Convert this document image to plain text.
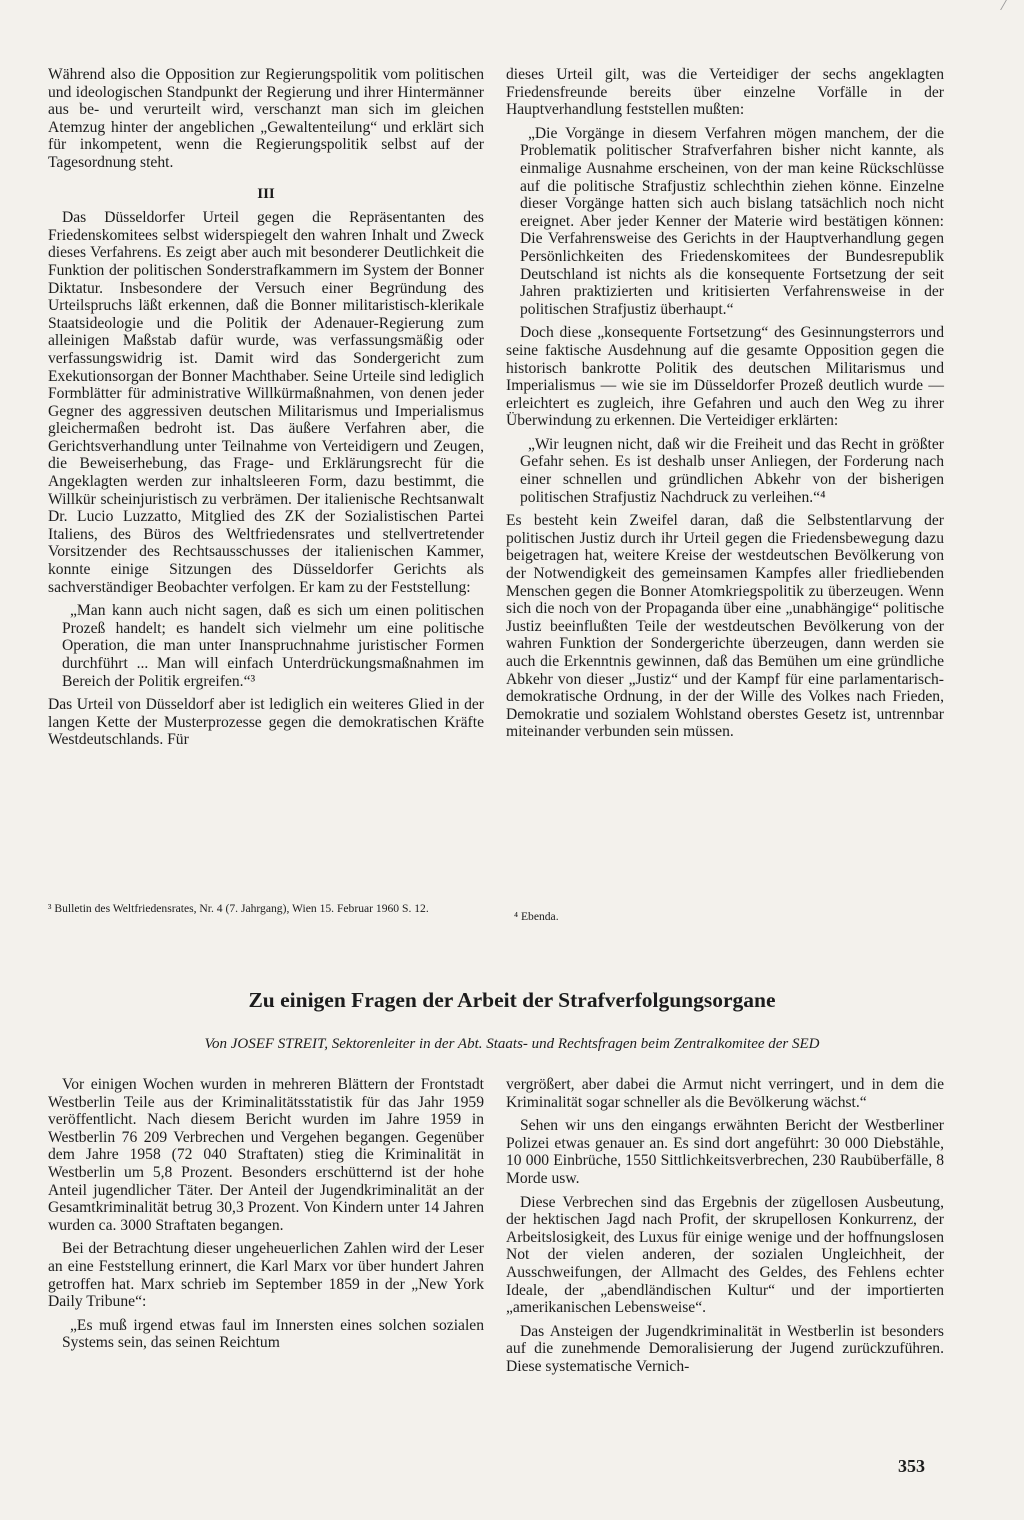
Während also die Opposition zur Regierungspolitik vom politischen und ideologischen Standpunkt der Regierung und ihrer Hintermänner aus be- und verurteilt wird, verschanzt man sich im gleichen Atemzug hinter der angeblichen „Gewaltenteilung“ und erklärt sich für inkompetent, wenn die Regierungspolitik selbst auf der Tagesordnung steht.

III

Das Düsseldorfer Urteil gegen die Repräsentanten des Friedenskomitees selbst widerspiegelt den wahren Inhalt und Zweck dieses Verfahrens. Es zeigt aber auch mit besonderer Deutlichkeit die Funktion der politischen Sonderstrafkammern im System der Bonner Diktatur. Insbesondere der Versuch einer Begründung des Urteilspruchs läßt erkennen, daß die Bonner militaristisch-klerikale Staatsideologie und die Politik der Adenauer-Regierung zum alleinigen Maßstab dafür wurde, was verfassungsmäßig oder verfassungswidrig ist. Damit wird das Sondergericht zum Exekutionsorgan der Bonner Machthaber. Seine Urteile sind lediglich Formblätter für administrative Willkürmaßnahmen, von denen jeder Gegner des aggressiven deutschen Militarismus und Imperialismus gleichermaßen bedroht ist. Das äußere Verfahren aber, die Gerichtsverhandlung unter Teilnahme von Verteidigern und Zeugen, die Beweiserhebung, das Frage- und Erklärungsrecht für die Angeklagten werden zur inhaltsleeren Form, dazu bestimmt, die Willkür scheinjuristisch zu verbrämen. Der italienische Rechtsanwalt Dr. Lucio Luzzatto, Mitglied des ZK der Sozialistischen Partei Italiens, des Büros des Weltfriedensrates und stellvertretender Vorsitzender des Rechtsausschusses der italienischen Kammer, konnte einige Sitzungen des Düsseldorfer Gerichts als sachverständiger Beobachter verfolgen. Er kam zu der Feststellung:

„Man kann auch nicht sagen, daß es sich um einen politischen Prozeß handelt; es handelt sich vielmehr um eine politische Operation, die man unter Inanspruchnahme juristischer Formen durchführt ... Man will einfach Unterdrückungsmaßnahmen im Bereich der Politik ergreifen.“³

Das Urteil von Düsseldorf aber ist lediglich ein weiteres Glied in der langen Kette der Musterprozesse gegen die demokratischen Kräfte Westdeutschlands. Für

dieses Urteil gilt, was die Verteidiger der sechs angeklagten Friedensfreunde bereits über einzelne Vorfälle in der Hauptverhandlung feststellen mußten:

„Die Vorgänge in diesem Verfahren mögen manchem, der die Problematik politischer Strafverfahren bisher nicht kannte, als einmalige Ausnahme erscheinen, von der man keine Rückschlüsse auf die politische Strafjustiz schlechthin ziehen könne. Einzelne dieser Vorgänge hatten sich auch bislang tatsächlich noch nicht ereignet. Aber jeder Kenner der Materie wird bestätigen können: Die Verfahrensweise des Gerichts in der Hauptverhandlung gegen Persönlichkeiten des Friedenskomitees der Bundesrepublik Deutschland ist nichts als die konsequente Fortsetzung der seit Jahren praktizierten und kritisierten Verfahrensweise in der politischen Strafjustiz überhaupt.“

Doch diese „konsequente Fortsetzung“ des Gesinnungsterrors und seine faktische Ausdehnung auf die gesamte Opposition gegen die historisch bankrotte Politik des deutschen Militarismus und Imperialismus — wie sie im Düsseldorfer Prozeß deutlich wurde — erleichtert es zugleich, ihre Gefahren und auch den Weg zu ihrer Überwindung zu erkennen. Die Verteidiger erklärten:

„Wir leugnen nicht, daß wir die Freiheit und das Recht in größter Gefahr sehen. Es ist deshalb unser Anliegen, der Forderung nach einer schnellen und gründlichen Abkehr von der bisherigen politischen Strafjustiz Nachdruck zu verleihen.“⁴

Es besteht kein Zweifel daran, daß die Selbstentlarvung der politischen Justiz durch ihr Urteil gegen die Friedensbewegung dazu beigetragen hat, weitere Kreise der westdeutschen Bevölkerung von der Notwendigkeit des gemeinsamen Kampfes aller friedliebenden Menschen gegen die Bonner Atomkriegspolitik zu überzeugen. Wenn sich die noch von der Propaganda über eine „unabhängige“ politische Justiz beeinflußten Teile der westdeutschen Bevölkerung von der wahren Funktion der Sondergerichte überzeugen, dann werden sie auch die Erkenntnis gewinnen, daß das Bemühen um eine gründliche Abkehr von dieser „Justiz“ und der Kampf für eine parlamentarisch-demokratische Ordnung, in der der Wille des Volkes nach Frieden, Demokratie und sozialem Wohlstand oberstes Gesetz ist, untrennbar miteinander verbunden sein müssen.

³ Bulletin des Weltfriedensrates, Nr. 4 (7. Jahrgang), Wien 15. Februar 1960 S. 12.
⁴ Ebenda.
Zu einigen Fragen der Arbeit der Strafverfolgungsorgane
Von JOSEF STREIT, Sektorenleiter in der Abt. Staats- und Rechtsfragen beim Zentralkomitee der SED

Vor einigen Wochen wurden in mehreren Blättern der Frontstadt Westberlin Teile aus der Kriminalitätsstatistik für das Jahr 1959 veröffentlicht. Nach diesem Bericht wurden im Jahre 1959 in Westberlin 76 209 Verbrechen und Vergehen begangen. Gegenüber dem Jahre 1958 (72 040 Straftaten) stieg die Kriminalität in Westberlin um 5,8 Prozent. Besonders erschütternd ist der hohe Anteil jugendlicher Täter. Der Anteil der Jugendkriminalität an der Gesamtkriminalität betrug 30,3 Prozent. Von Kindern unter 14 Jahren wurden ca. 3000 Straftaten begangen.

Bei der Betrachtung dieser ungeheuerlichen Zahlen wird der Leser an eine Feststellung erinnert, die Karl Marx vor über hundert Jahren getroffen hat. Marx schrieb im September 1859 in der „New York Daily Tribune“:

„Es muß irgend etwas faul im Innersten eines solchen sozialen Systems sein, das seinen Reichtum

vergrößert, aber dabei die Armut nicht verringert, und in dem die Kriminalität sogar schneller als die Bevölkerung wächst.“

Sehen wir uns den eingangs erwähnten Bericht der Westberliner Polizei etwas genauer an. Es sind dort angeführt: 30 000 Diebstähle, 10 000 Einbrüche, 1550 Sittlichkeitsverbrechen, 230 Raubüberfälle, 8 Morde usw.

Diese Verbrechen sind das Ergebnis der zügellosen Ausbeutung, der hektischen Jagd nach Profit, der skrupellosen Konkurrenz, der Arbeitslosigkeit, des Luxus für einige wenige und der hoffnungslosen Not der vielen anderen, der sozialen Ungleichheit, der Ausschweifungen, der Allmacht des Geldes, des Fehlens echter Ideale, der „abendländischen Kultur“ und der importierten „amerikanischen Lebensweise“.

Das Ansteigen der Jugendkriminalität in Westberlin ist besonders auf die zunehmende Demoralisierung der Jugend zurückzuführen. Diese systematische Vernich-

353
